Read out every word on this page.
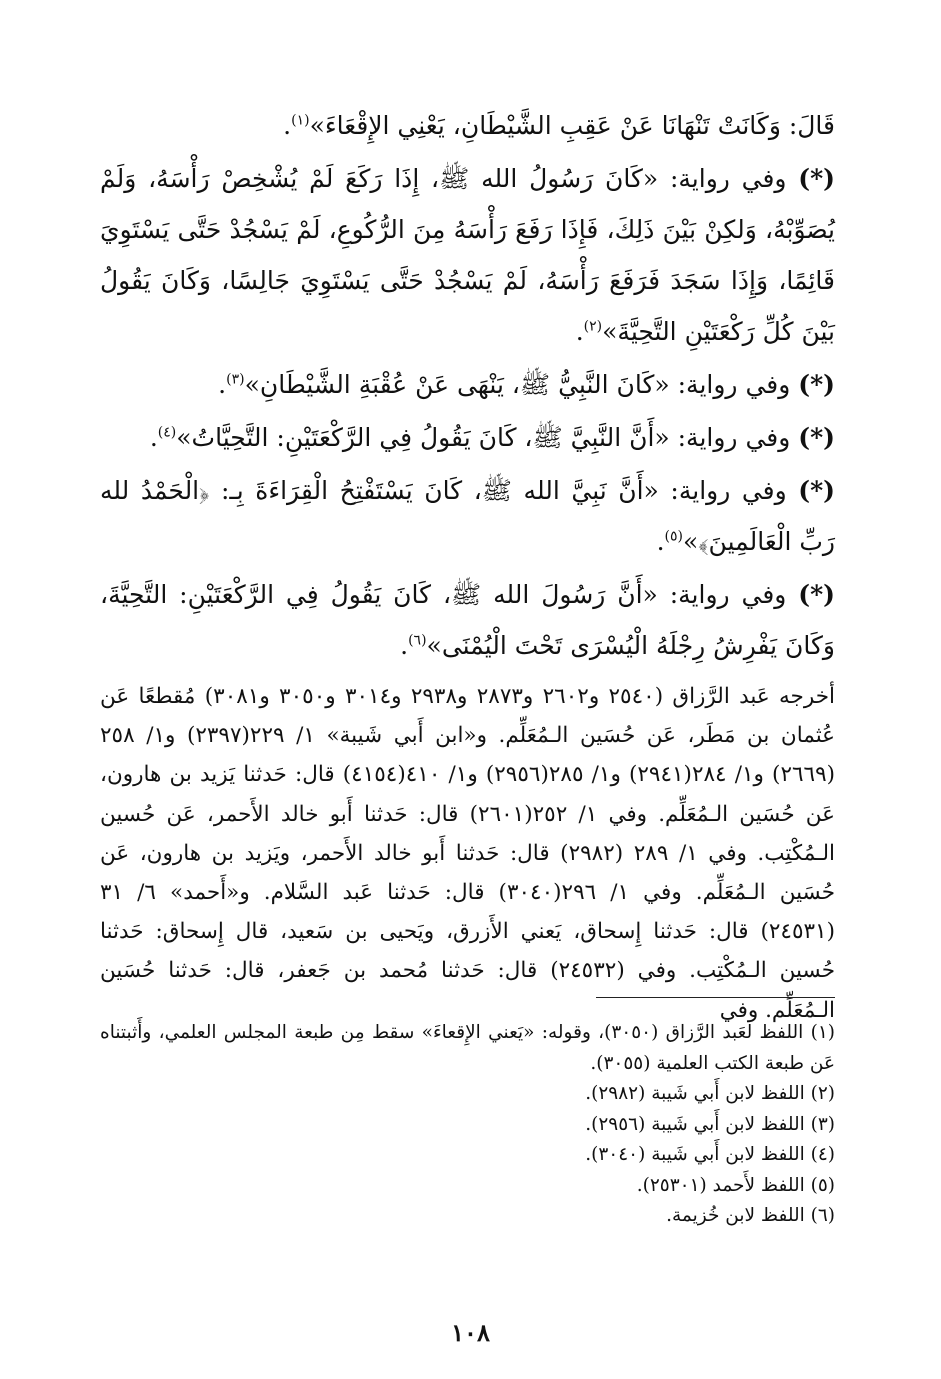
قَالَ: وَكَانَتْ تَنْهَانَا عَنْ عَقِبِ الشَّيْطَانِ، يَعْنِي الإِقْعَاءَ»$^{(١)}$.

(*) وفي رواية: «كَانَ رَسُولُ الله ﷺ، إِذَا رَكَعَ لَمْ يُشْخِصْ رَأْسَهُ، وَلَمْ يُصَوِّبْهُ، وَلكِنْ بَيْنَ ذَلِكَ، فَإِذَا رَفَعَ رَأْسَهُ مِنَ الرُّكُوعِ، لَمْ يَسْجُدْ حَتَّى يَسْتَوِيَ قَائِمًا، وَإِذَا سَجَدَ فَرَفَعَ رَأْسَهُ، لَمْ يَسْجُدْ حَتَّى يَسْتَوِيَ جَالِسًا، وَكَانَ يَقُولُ بَيْنَ كُلِّ رَكْعَتَيْنِ التَّحِيَّةَ»$^{(٢)}$.

(*) وفي رواية: «كَانَ النَّبِيُّ ﷺ، يَنْهَى عَنْ عُقْبَةِ الشَّيْطَانِ»$^{(٣)}$.

(*) وفي رواية: «أَنَّ النَّبِيَّ ﷺ، كَانَ يَقُولُ فِي الرَّكْعَتَيْنِ: التَّحِيَّاتُ»$^{(٤)}$.

(*) وفي رواية: «أَنَّ نَبِيَّ الله ﷺ، كَانَ يَسْتَفْتِحُ الْقِرَاءَةَ بِـ: ﴿الْحَمْدُ لله رَبِّ الْعَالَمِينَ﴾»$^{(٥)}$.

(*) وفي رواية: «أَنَّ رَسُولَ الله ﷺ، كَانَ يَقُولُ فِي الرَّكْعَتَيْنِ: التَّحِيَّةَ، وَكَانَ يَفْرِشُ رِجْلَهُ الْيُسْرَى تَحْتَ الْيُمْنَى»$^{(٦)}$.

أخرجه عَبد الرَّزاق (٢٥٤٠ و٢٦٠٢ و٢٨٧٣ و٢٩٣٨ و٣٠١٤ و٣٠٥٠ و٣٠٨١) مُقطعًا عَن عُثمان بن مَطَر، عَن حُسَين الـمُعَلِّم. و«ابن أَبي شَيبة» ١/ ٢٢٩(٢٣٩٧) و١/ ٢٥٨ (٢٦٦٩) و١/ ٢٨٤(٢٩٤١) و١/ ٢٨٥(٢٩٥٦) و١/ ٤١٠(٤١٥٤) قال: حَدثنا يَزيد بن هارون، عَن حُسَين الـمُعَلِّم. وفي ١/ ٢٥٢(٢٦٠١) قال: حَدثنا أَبو خالد الأَحمر، عَن حُسين الـمُكْتِب. وفي ١/ ٢٨٩ (٢٩٨٢) قال: حَدثنا أَبو خالد الأَحمر، ويَزيد بن هارون، عَن حُسَين الـمُعَلِّم. وفي ١/ ٢٩٦(٣٠٤٠) قال: حَدثنا عَبد السَّلام. و«أَحمد» ٦/ ٣١ (٢٤٥٣١) قال: حَدثنا إِسحاق، يَعني الأَزرق، ويَحيى بن سَعيد، قال إِسحاق: حَدثنا حُسين الـمُكْتِب. وفي (٢٤٥٣٢) قال: حَدثنا مُحمد بن جَعفر، قال: حَدثنا حُسَين الـمُعَلِّم. وفي

(١) اللفظ لعَبد الرَّزاق (٣٠٥٠)، وقوله: «يَعني الإِقعاءَ» سقط مِن طبعة المجلس العلمي، وأَثبتناه عَن طبعة الكتب العلمية (٣٠٥٥).

(٢) اللفظ لابن أَبي شَيبة (٢٩٨٢).

(٣) اللفظ لابن أَبي شَيبة (٢٩٥٦).

(٤) اللفظ لابن أَبي شَيبة (٣٠٤٠).

(٥) اللفظ لأَحمد (٢٥٣٠١).

(٦) اللفظ لابن خُزيمة.

١٠٨
